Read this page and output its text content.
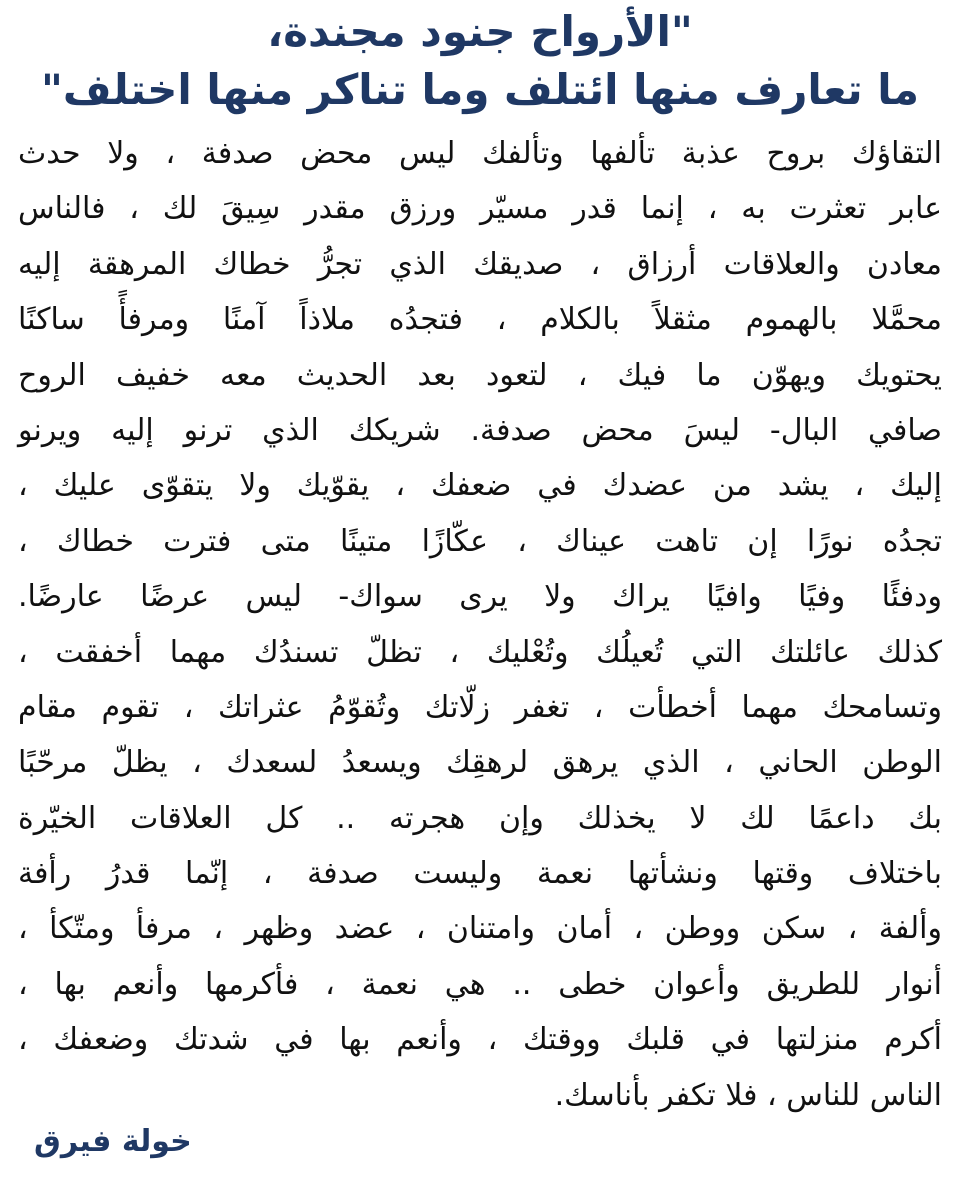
"الأرواح جنود مجندة،
ما تعارف منها ائتلف وما تناكر منها اختلف"
التقاؤك بروح عذبة تألفها وتألفك ليس محض صدفة ، ولا حدث
عابر تعثرت به ، إنما قدر مسيّر ورزق مقدر سِيقَ لك ، فالناس
معادن والعلاقات أرزاق ، صديقك الذي تجرُّ خطاك المرهقة إليه
محمَّلا بالهموم مثقلاً بالكلام ، فتجدُه ملاذاً آمنًا ومرفأً ساكنًا
يحتويك ويهوّن ما فيك ، لتعود بعد الحديث معه خفيف الروح
صافي البال- ليسَ محض صدفة. شريكك الذي ترنو إليه ويرنو
إليك ، يشد من عضدك في ضعفك ، يقوّيك ولا يتقوّى عليك ،
تجدُه نورًا إن تاهت عيناك ، عكّازًا متينًا متى فترت خطاك ،
ودفئًا وفيًا وافيًا يراك ولا يرى سواك- ليس عرضًا عارضًا.
كذلك عائلتك التي تُعيلُك وتُعْليك ، تظلّ تسندُك مهما أخفقت ،
وتسامحك مهما أخطأت ، تغفر زلّاتك وتُقوّمُ عثراتك ، تقوم مقام
الوطن الحاني ، الذي يرهق لرهقِك ويسعدُ لسعدك ، يظلّ مرحّبًا
بك داعمًا لك لا يخذلك وإن هجرته .. كل العلاقات الخيّرة
باختلاف وقتها ونشأتها نعمة وليست صدفة ، إنّما قدرُ رأفة
وألفة ، سكن ووطن ، أمان وامتنان ، عضد وظهر ، مرفأ ومتّكأ ،
أنوار للطريق وأعوان خطى .. هي نعمة ، فأكرمها وأنعم بها ،
أكرم منزلتها في قلبك ووقتك ، وأنعم بها في شدتك وضعفك ،
الناس للناس ، فلا تكفر بأناسك.
خولة فيرق
